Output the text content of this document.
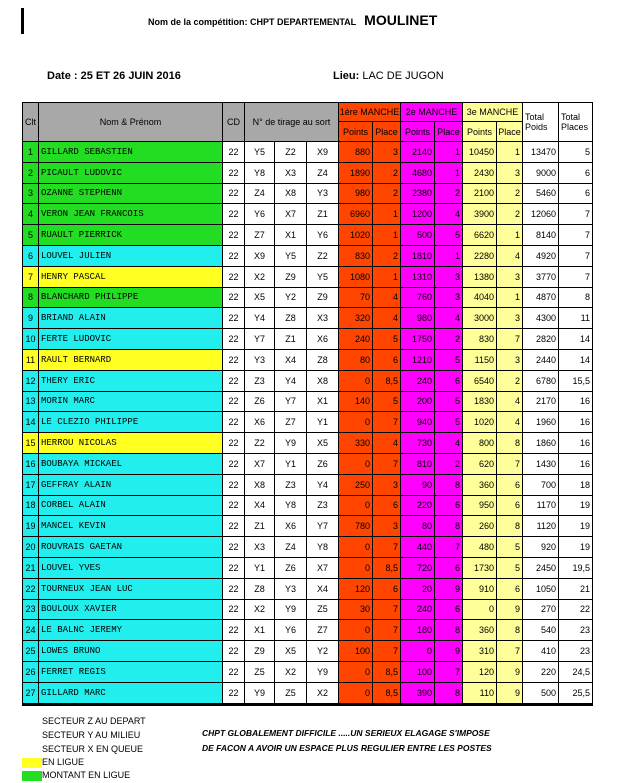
Nom de la compétition: CHPT DEPARTEMENTAL MOULINET
Date : 25 ET 26 JUIN 2016	Lieu: LAC DE JUGON
Clt	Nom & Prénom	CD	N° de tirage au sort			1ère MANCHE		2e MANCHE		3e MANCHE		Total Poids	Total Places
						Points	Place	Points	Place	Points	Place		
1	GILLARD SEBASTIEN	22	Y5	Z2	X9	880	3	2140	1	10450	1	13470	5
2	PICAULT LUDOVIC	22	Y8	X3	Z4	1890	2	4680	1	2430	3	9000	6
3	OZANNE STEPHENN	22	Z4	X8	Y3	980	2	2380	2	2100	2	5460	6
4	VERON JEAN FRANCOIS	22	Y6	X7	Z1	6960	1	1200	4	3900	2	12060	7
5	RUAULT PIERRICK	22	Z7	X1	Y6	1020	1	500	5	6620	1	8140	7
6	LOUVEL JULIEN	22	X9	Y5	Z2	830	2	1810	1	2280	4	4920	7
7	HENRY PASCAL	22	X2	Z9	Y5	1080	1	1310	3	1380	3	3770	7
8	BLANCHARD PHILIPPE	22	X5	Y2	Z9	70	4	760	3	4040	1	4870	8
9	BRIAND ALAIN	22	Y4	Z8	X3	320	4	980	4	3000	3	4300	11
10	FERTE LUDOVIC	22	Y7	Z1	X6	240	5	1750	2	830	7	2820	14
11	RAULT BERNARD	22	Y3	X4	Z8	80	6	1210	5	1150	3	2440	14
12	THERY ERIC	22	Z3	Y4	X8	0	8,5	240	6	6540	2	6780	15,5
13	MORIN MARC	22	Z6	Y7	X1	140	5	200	5	1830	4	2170	16
14	LE CLEZIO PHILIPPE	22	X6	Z7	Y1	0	7	940	5	1020	4	1960	16
15	HERROU NICOLAS	22	Z2	Y9	X5	330	4	730	4	800	8	1860	16
16	BOUBAYA MICKAEL	22	X7	Y1	Z6	0	7	810	2	620	7	1430	16
17	GEFFRAY ALAIN	22	X8	Z3	Y4	250	3	90	8	360	6	700	18
18	CORBEL ALAIN	22	X4	Y8	Z3	0	6	220	6	950	6	1170	19
19	MANCEL KEVIN	22	Z1	X6	Y7	780	3	80	8	260	8	1120	19
20	ROUVRAIS GAETAN	22	X3	Z4	Y8	0	7	440	7	480	5	920	19
21	LOUVEL YVES	22	Y1	Z6	X7	0	8,5	720	6	1730	5	2450	19,5
22	TOURNEUX JEAN LUC	22	Z8	Y3	X4	120	6	20	9	910	6	1050	21
23	BOULOUX XAVIER	22	X2	Y9	Z5	30	7	240	6	0	9	270	22
24	LE BALNC JEREMY	22	X1	Y6	Z7	0	7	180	8	360	8	540	23
25	LOWES BRUNO	22	Z9	X5	Y2	100	7	0	9	310	7	410	23
26	FERRET REGIS	22	Z5	X2	Y9	0	8,5	100	7	120	9	220	24,5
27	GILLARD MARC	22	Y9	Z5	X2	0	8,5	390	8	110	9	500	25,5
SECTEUR Z AU DEPART
SECTEUR Y AU MILIEU
SECTEUR X EN QUEUE
EN LIGUE
MONTANT EN LIGUE
CHPT GLOBALEMENT DIFFICILE .....UN SERIEUX ELAGAGE S'IMPOSE
DE FACON A AVOIR UN ESPACE PLUS REGULIER ENTRE LES POSTES
